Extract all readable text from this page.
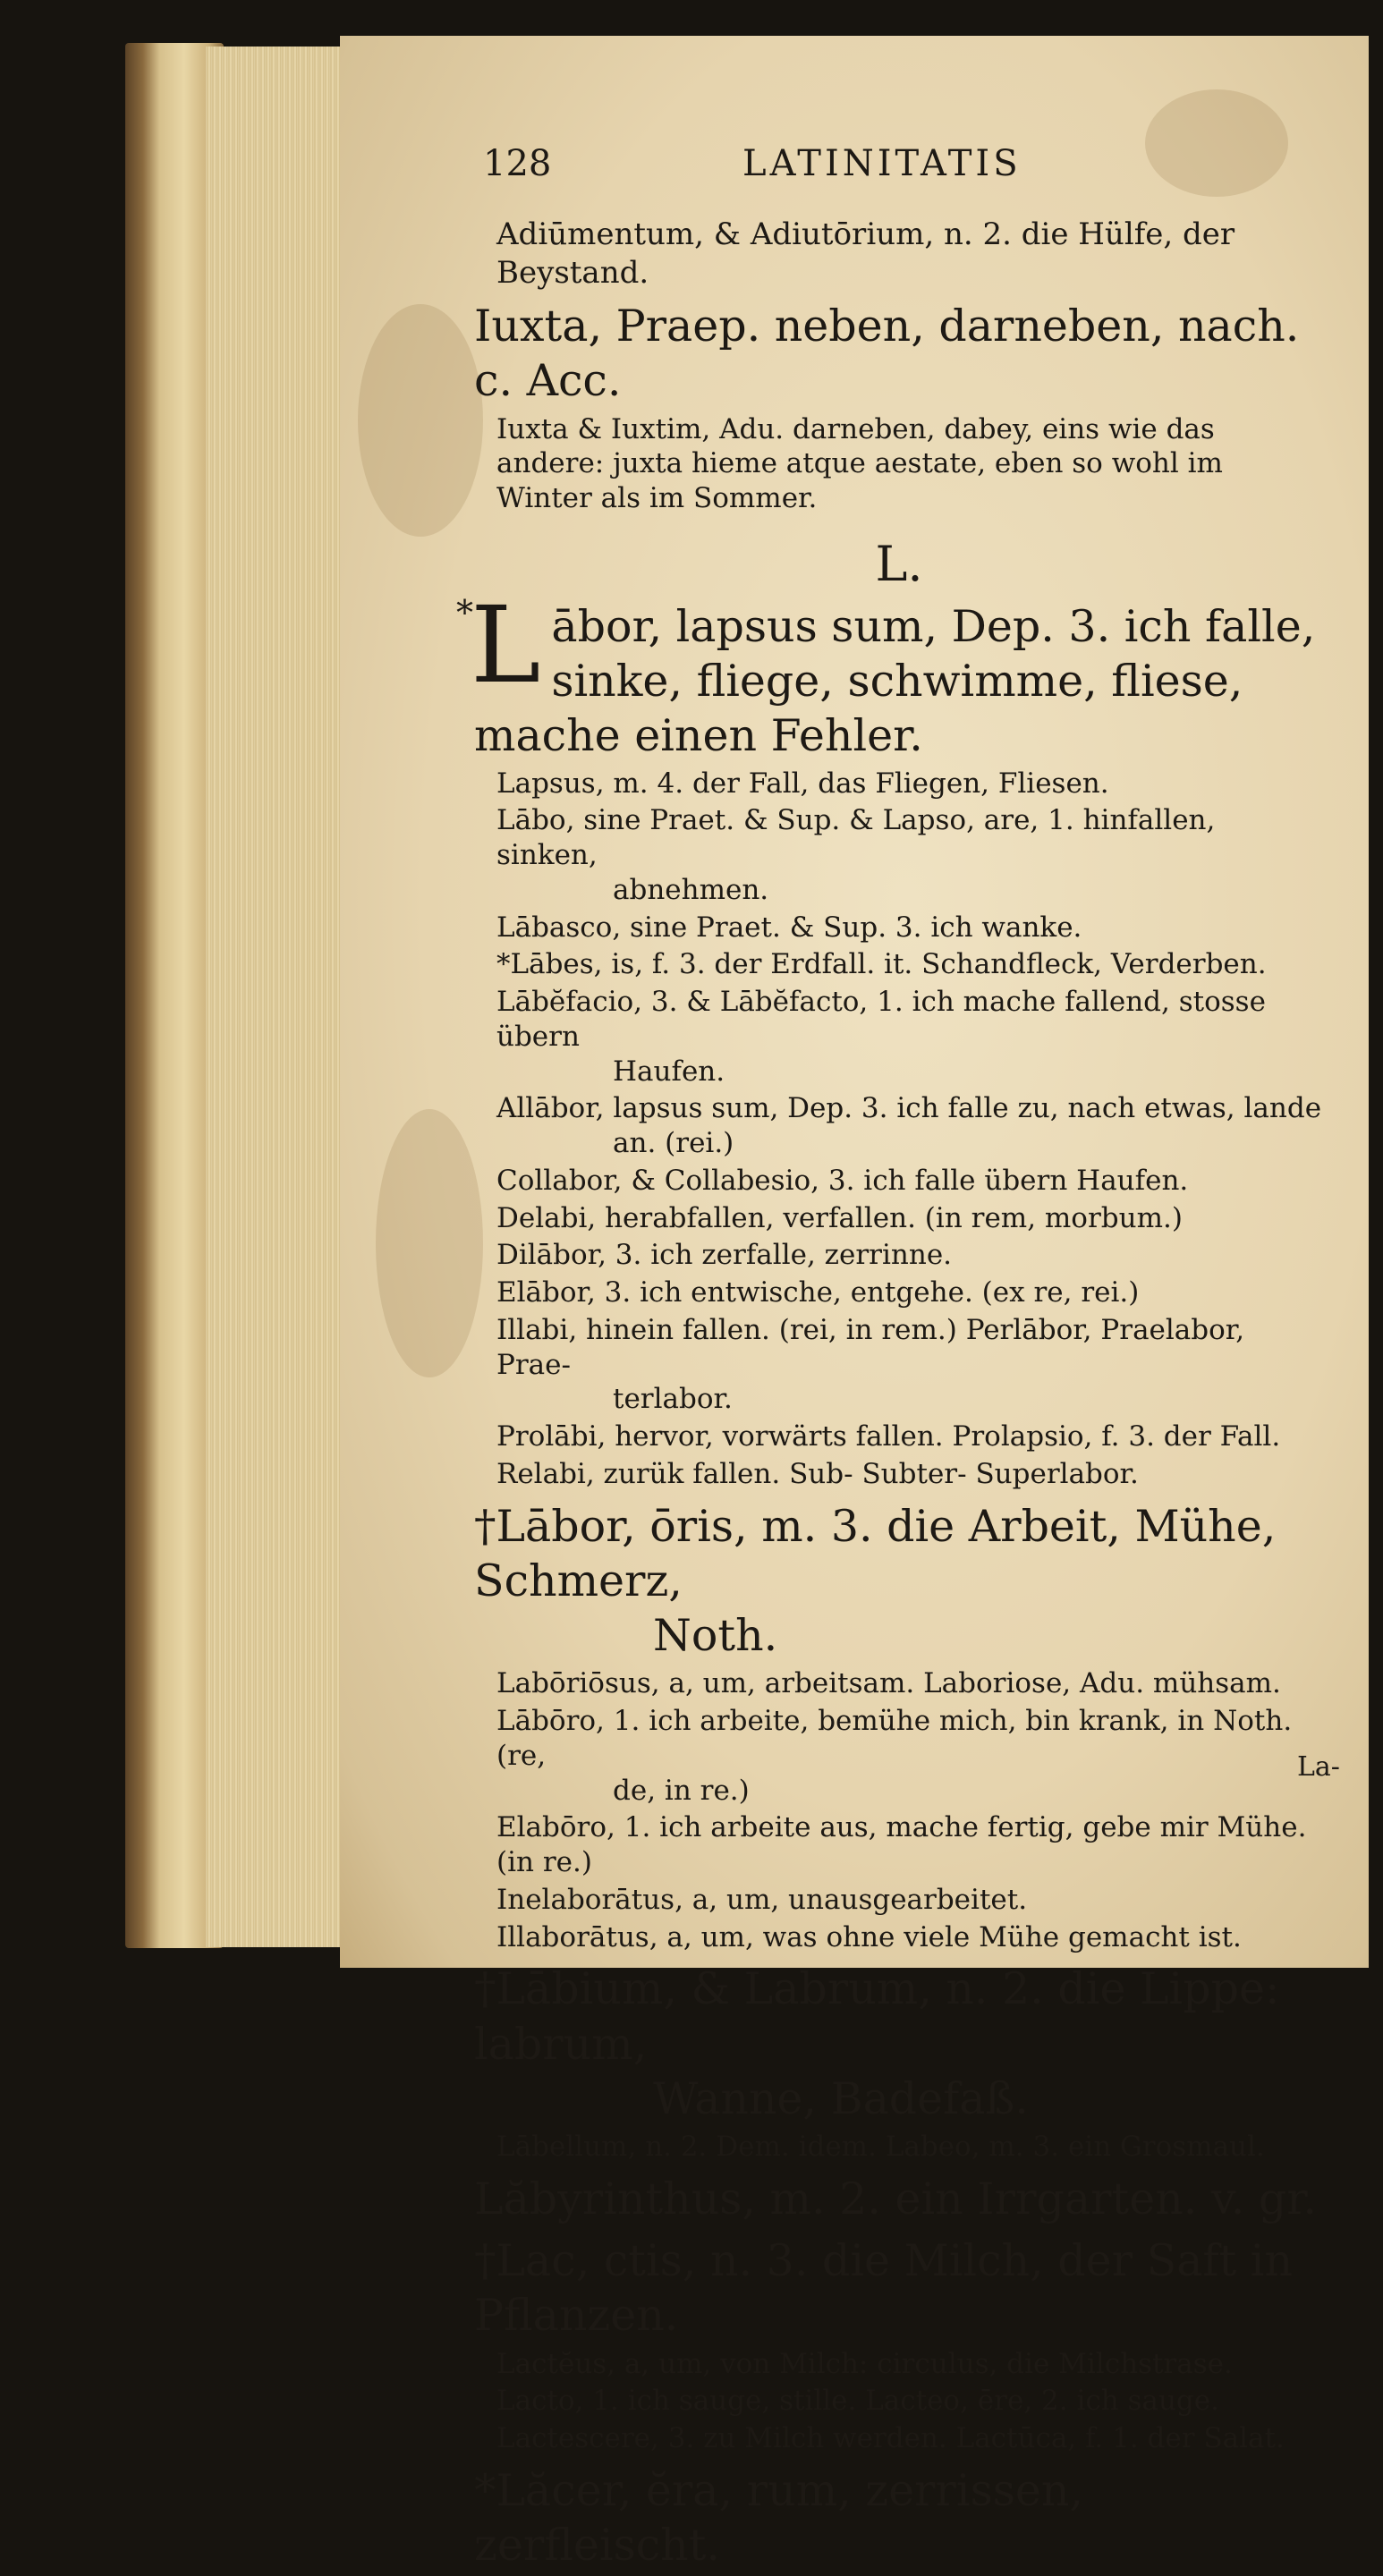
128	LATINITATIS
Adiūmentum, & Adiutōrium, n. 2. die Hülfe, der Beystand.
Iuxta, Praep. neben, darneben, nach. c. Acc.
Iuxta & Iuxtim, Adu. darneben, dabey, eins wie das andere: juxta hieme atque aestate, eben so wohl im Winter als im Sommer.
L.
*
L ābor, lapsus sum, Dep. 3. ich falle, sinke, fliege, schwimme, fliese, mache einen Fehler.
Lapsus, m. 4. der Fall, das Fliegen, Fliesen.
Lābo, sine Praet. & Sup. & Lapso, are, 1. hinfallen, sinken,
abnehmen.
Lābasco, sine Praet. & Sup. 3. ich wanke.
*Lābes, is, f. 3. der Erdfall. it. Schandfleck, Verderben.
Lābĕfacio, 3. & Lābĕfacto, 1. ich mache fallend, stosse übern
Haufen.
Allābor, lapsus sum, Dep. 3. ich falle zu, nach etwas, lande
an. (rei.)
Collabor, & Collabesio, 3. ich falle übern Haufen.
Delabi, herabfallen, verfallen. (in rem, morbum.)
Dilābor, 3. ich zerfalle, zerrinne.
Elābor, 3. ich entwische, entgehe. (ex re, rei.)
Illabi, hinein fallen. (rei, in rem.) Perlābor, Praelabor, Prae-
terlabor.
Prolābi, hervor, vorwärts fallen. Prolapsio, f. 3. der Fall.
Relabi, zurük fallen. Sub- Subter- Superlabor.
†Lābor, ōris, m. 3. die Arbeit, Mühe, Schmerz,
Noth.
Labōriōsus, a, um, arbeitsam. Laboriose, Adu. mühsam.
Lābōro, 1. ich arbeite, bemühe mich, bin krank, in Noth. (re,
de, in re.)
Elabōro, 1. ich arbeite aus, mache fertig, gebe mir Mühe. (in re.)
Inelaborātus, a, um, unausgearbeitet.
Illaborātus, a, um, was ohne viele Mühe gemacht ist.
†Lābium, & Labrum, n. 2. die Lippe: labrum,
Wanne, Badefaß.
Lābellum, n. 2. Dem. idem. Labeo, m. 3. ein Grosmaul.
Lăbyrinthus, m. 2. ein Irrgarten. v. gr.
†Lac, ctis, n. 3. die Milch, der Saft in Pflanzen.
Lactĕus, a, um, von Milch: circulus, die Milchstrase.
Lacto, 1. ich sauge, stille. Lacteo, ēre, 2. ich sauge.
Lactescere, 3. zu Milch werden. Lactūca, f. 1. der Salat.
*Lăcer, ĕra, rum, zerrissen, zerfleischt.
La-
